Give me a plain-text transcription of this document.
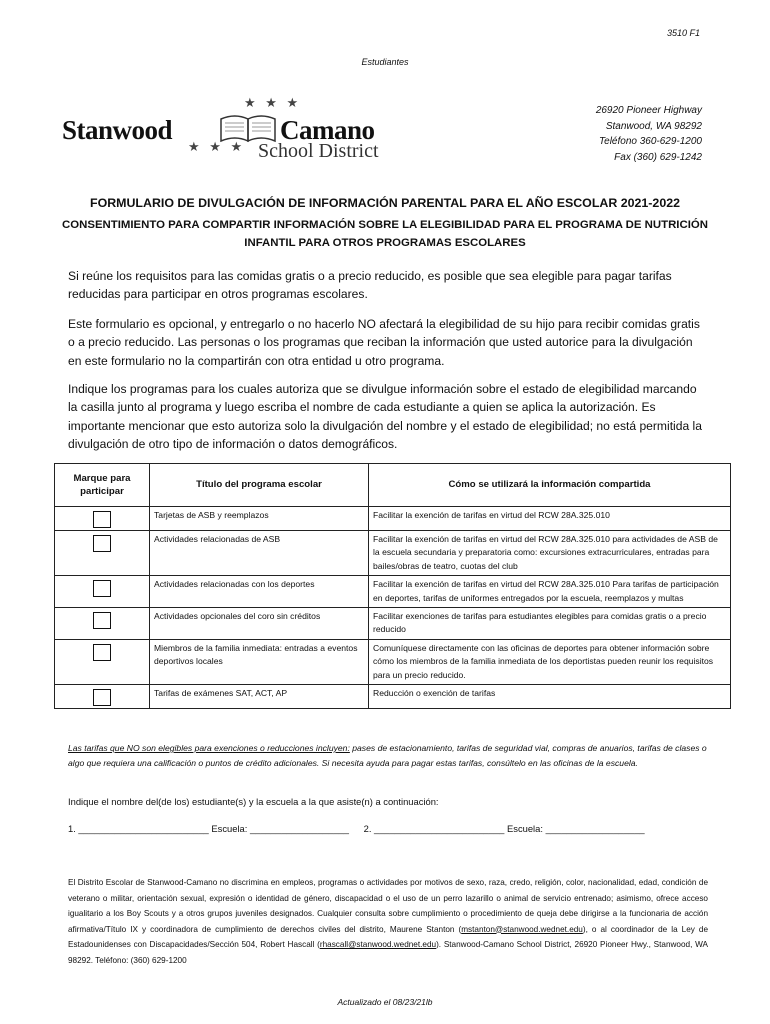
3510 F1
Estudiantes
★ ★ ★
Stanwood	Camano
★ ★ ★ School District
26920 Pioneer Highway
Stanwood, WA 98292
Teléfono 360-629-1200
Fax (360) 629-1242
FORMULARIO DE DIVULGACIÓN DE INFORMACIÓN PARENTAL PARA EL AÑO ESCOLAR 2021-2022
CONSENTIMIENTO PARA COMPARTIR INFORMACIÓN SOBRE LA ELEGIBILIDAD PARA EL PROGRAMA DE NUTRICIÓN INFANTIL PARA OTROS PROGRAMAS ESCOLARES
Si reúne los requisitos para las comidas gratis o a precio reducido, es posible que sea elegible para pagar tarifas reducidas para participar en otros programas escolares.
Este formulario es opcional, y entregarlo o no hacerlo NO afectará la elegibilidad de su hijo para recibir comidas gratis o a precio reducido. Las personas o los programas que reciban la información que usted autorice para la divulgación en este formulario no la compartirán con otra entidad u otro programa.
Indique los programas para los cuales autoriza que se divulgue información sobre el estado de elegibilidad marcando la casilla junto al programa y luego escriba el nombre de cada estudiante a quien se aplica la autorización. Es importante mencionar que esto autoriza solo la divulgación del nombre y el estado de elegibilidad; no está permitida la divulgación de otro tipo de información o datos demográficos.
Marque para participar	Título del programa escolar	Cómo se utilizará la información compartida

	Tarjetas de ASB y reemplazos	Facilitar la exención de tarifas en virtud del RCW 28A.325.010

	Actividades relacionadas de ASB	Facilitar la exención de tarifas en virtud del RCW 28A.325.010 para actividades de ASB de la escuela secundaria y preparatoria como: excursiones extracurriculares, entradas para bailes/obras de teatro, cuotas del club

	Actividades relacionadas con los deportes	Facilitar la exención de tarifas en virtud del RCW 28A.325.010 Para tarifas de participación en deportes, tarifas de uniformes entregados por la escuela, reemplazos y multas

	Actividades opcionales del coro sin créditos	Facilitar exenciones de tarifas para estudiantes elegibles para comidas gratis o a precio reducido

	Miembros de la familia inmediata: entradas a eventos deportivos locales	Comuníquese directamente con las oficinas de deportes para obtener información sobre cómo los miembros de la familia inmediata de los deportistas pueden reunir los requisitos para un precio reducido.

	Tarifas de exámenes SAT, ACT, AP	Reducción o exención de tarifas
Las tarifas que NO son elegibles para exenciones o reducciones incluyen: pases de estacionamiento, tarifas de seguridad vial, compras de anuarios, tarifas de clases o algo que requiera una calificación o puntos de crédito adicionales. Si necesita ayuda para pagar estas tarifas, consúltelo en las oficinas de la escuela.
Indique el nombre del(de los) estudiante(s) y la escuela a la que asiste(n) a continuación:
1. _________________________ Escuela: ___________________ 2. _________________________ Escuela: ___________________
El Distrito Escolar de Stanwood-Camano no discrimina en empleos, programas o actividades por motivos de sexo, raza, credo, religión, color, nacionalidad, edad, condición de veterano o militar, orientación sexual, expresión o identidad de género, discapacidad o el uso de un perro lazarillo o animal de servicio entrenado; asimismo, ofrece acceso igualitario a los Boy Scouts y a otros grupos juveniles designados. Cualquier consulta sobre cumplimiento o procedimiento de queja debe dirigirse a la funcionaria de acción afirmativa/Título IX y coordinadora de cumplimiento de derechos civiles del distrito, Maurene Stanton (mstanton@stanwood.wednet.edu), o al coordinador de la Ley de Estadounidenses con Discapacidades/Sección 504, Robert Hascall (rhascall@stanwood.wednet.edu). Stanwood-Camano School District, 26920 Pioneer Hwy., Stanwood, WA 98292. Teléfono: (360) 629-1200
Actualizado el 08/23/21lb
